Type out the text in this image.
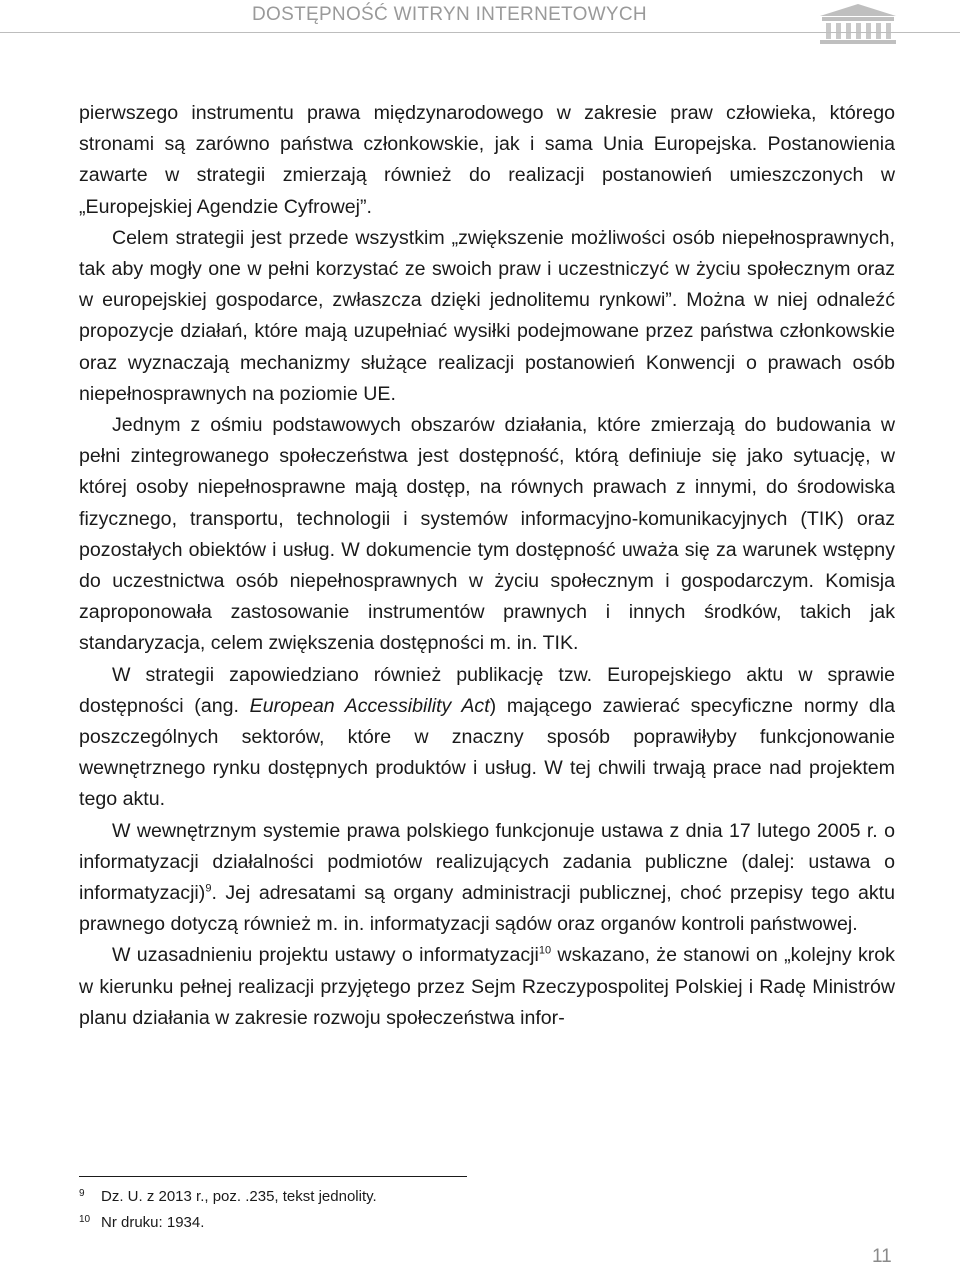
DOSTĘPNOŚĆ WITRYN INTERNETOWYCH

pierwszego instrumentu prawa międzynarodowego w zakresie praw człowieka, którego stronami są zarówno państwa członkowskie, jak i sama Unia Europejska. Postanowienia zawarte w strategii zmierzają również do realizacji postanowień umieszczonych w „Europejskiej Agendzie Cyfrowej”.

Celem strategii jest przede wszystkim „zwiększenie możliwości osób niepełnosprawnych, tak aby mogły one w pełni korzystać ze swoich praw i uczestniczyć w życiu społecznym oraz w europejskiej gospodarce, zwłaszcza dzięki jednolitemu rynkowi”. Można w niej odnaleźć propozycje działań, które mają uzupełniać wysiłki podejmowane przez państwa członkowskie oraz wyznaczają mechanizmy służące realizacji postanowień Konwencji o prawach osób niepełnosprawnych na poziomie UE.

Jednym z ośmiu podstawowych obszarów działania, które zmierzają do budowania w pełni zintegrowanego społeczeństwa jest dostępność, którą definiuje się jako sytuację, w której osoby niepełnosprawne mają dostęp, na równych prawach z innymi, do środowiska fizycznego, transportu, technologii i systemów informacyjno-komunikacyjnych (TIK) oraz pozostałych obiektów i usług. W dokumencie tym dostępność uważa się za warunek wstępny do uczestnictwa osób niepełnosprawnych w życiu społecznym i gospodarczym. Komisja zaproponowała zastosowanie instrumentów prawnych i innych środków, takich jak standaryzacja, celem zwiększenia dostępności m. in. TIK.

W strategii zapowiedziano również publikację tzw. Europejskiego aktu w sprawie dostępności (ang. European Accessibility Act) mającego zawierać specyficzne normy dla poszczególnych sektorów, które w znaczny sposób poprawiłyby funkcjonowanie wewnętrznego rynku dostępnych produktów i usług. W tej chwili trwają prace nad projektem tego aktu.

W wewnętrznym systemie prawa polskiego funkcjonuje ustawa z dnia 17 lutego 2005 r. o informatyzacji działalności podmiotów realizujących zadania publiczne (dalej: ustawa o informatyzacji)$^9$. Jej adresatami są organy administracji publicznej, choć przepisy tego aktu prawnego dotyczą również m. in. informatyzacji sądów oraz organów kontroli państwowej.

W uzasadnieniu projektu ustawy o informatyzacji$^{10}$ wskazano, że stanowi on „kolejny krok w kierunku pełnej realizacji przyjętego przez Sejm Rzeczypospolitej Polskiej i Radę Ministrów planu działania w zakresie rozwoju społeczeństwa infor-

9 Dz. U. z 2013 r., poz. .235, tekst jednolity.
10 Nr druku: 1934.
11
